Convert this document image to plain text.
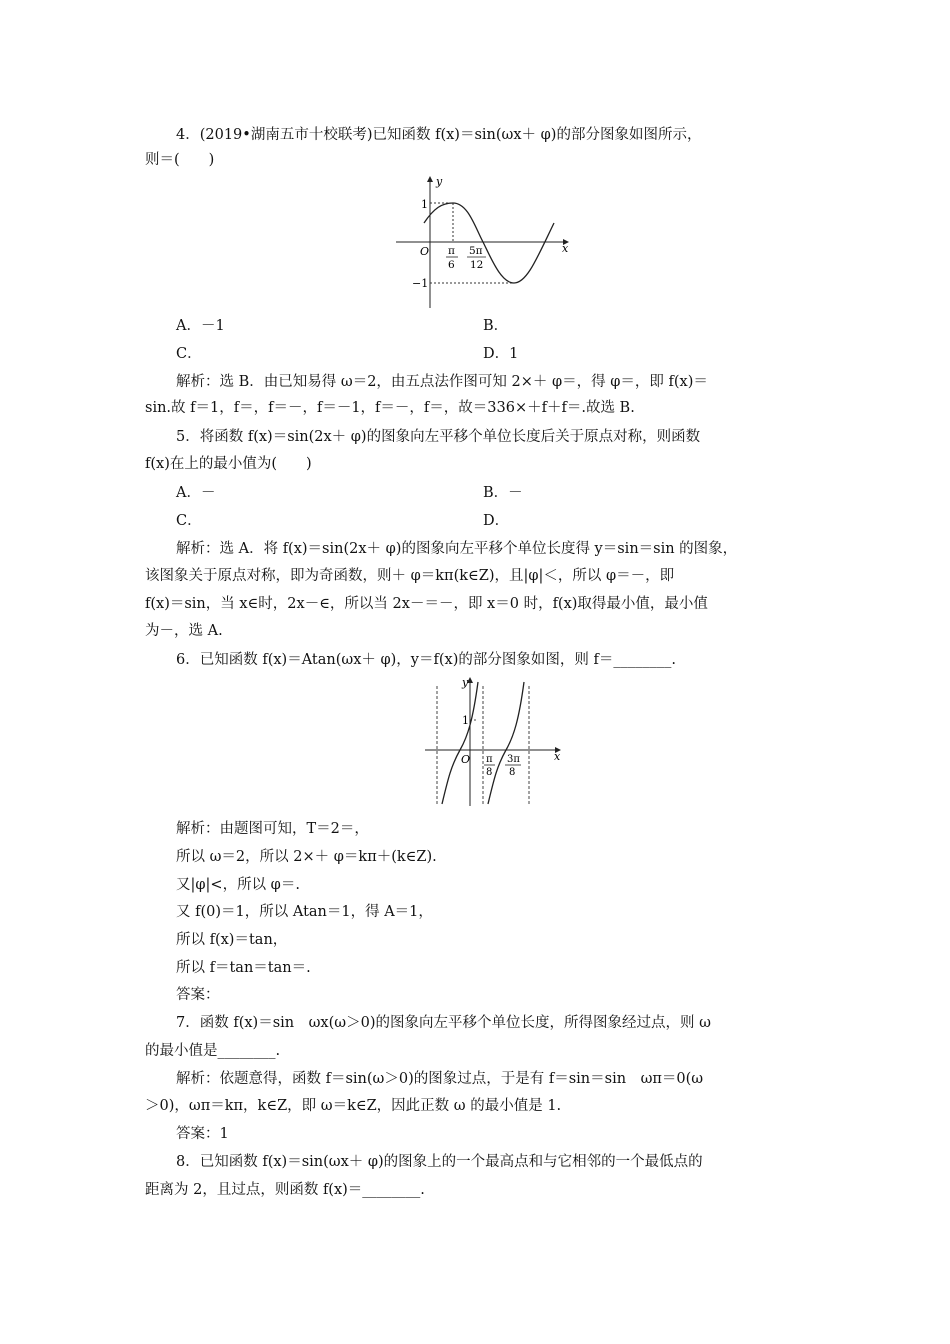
4．(2019•湖南五市十校联考)已知函数 f(x)＝sin(ωx＋ φ)的部分图象如图所示，
则＝(　　)
y
x
O
1
−1
π
6
5π
12
A．－1	B．
C．	D．1
解析：选 B．由已知易得 ω＝2，由五点法作图可知 2×＋ φ＝，得 φ＝，即 f(x)＝
sin.故 f＝1，f＝，f＝－，f＝－1，f＝－，f＝，故＝336×＋f＋f＝.故选 B.
5．将函数 f(x)＝sin(2x＋ φ)的图象向左平移个单位长度后关于原点对称，则函数
f(x)在上的最小值为(　　)
A．－	B．－
C．	D．
解析：选 A．将 f(x)＝sin(2x＋ φ)的图象向左平移个单位长度得 y＝sin＝sin 的图象，
该图象关于原点对称，即为奇函数，则＋ φ＝kπ(k∈Z)，且|φ|＜，所以 φ＝－，即
f(x)＝sin，当 x∈时，2x－∈，所以当 2x－＝－，即 x＝0 时，f(x)取得最小值，最小值
为－，选 A.
6．已知函数 f(x)＝Atan(ωx＋ φ)，y＝f(x)的部分图象如图，则 f＝________.
y
x
O
1
π
8
3π
8
解析：由题图可知，T＝2＝，
所以 ω＝2，所以 2×＋ φ＝kπ＋(k∈Z).
又|φ|<，所以 φ＝.
又 f(0)＝1，所以 Atan＝1，得 A＝1，
所以 f(x)＝tan，
所以 f＝tan＝tan＝.
答案：
7．函数 f(x)＝sin　ωx(ω＞0)的图象向左平移个单位长度，所得图象经过点，则 ω
的最小值是________.
解析：依题意得，函数 f＝sin(ω＞0)的图象过点，于是有 f＝sin＝sin　ωπ＝0(ω
＞0)，ωπ＝kπ，k∈Z，即 ω＝k∈Z，因此正数 ω 的最小值是 1.
答案：1
8．已知函数 f(x)＝sin(ωx＋ φ)的图象上的一个最高点和与它相邻的一个最低点的
距离为 2，且过点，则函数 f(x)＝________.
